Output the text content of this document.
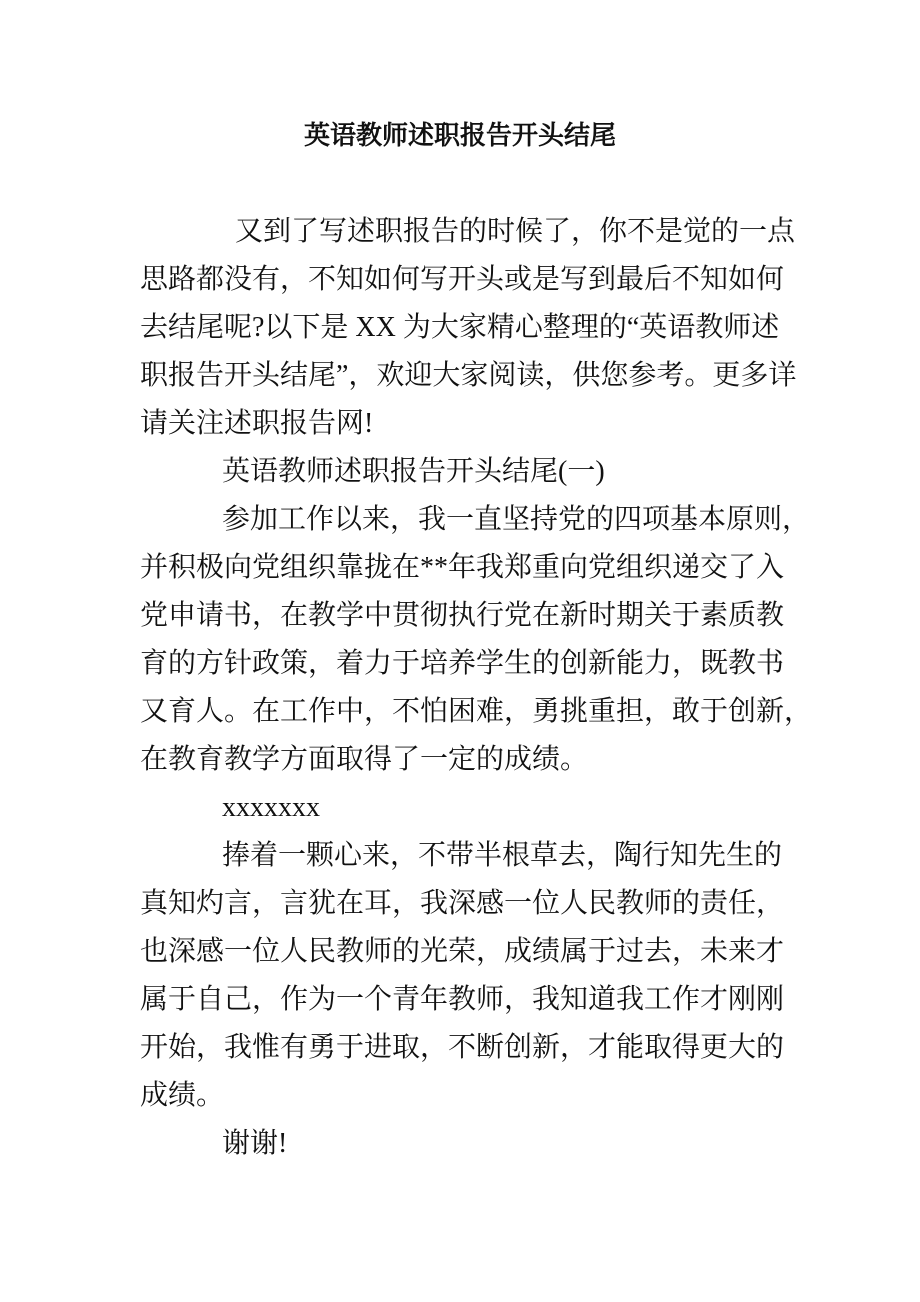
英语教师述职报告开头结尾
又到了写述职报告的时候了，你不是觉的一点
思路都没有，不知如何写开头或是写到最后不知如何
去结尾呢?以下是 XX 为大家精心整理的“英语教师述
职报告开头结尾”，欢迎大家阅读，供您参考。更多详
请关注述职报告网!
英语教师述职报告开头结尾(一)
参加工作以来，我一直坚持党的四项基本原则，
并积极向党组织靠拢在**年我郑重向党组织递交了入
党申请书，在教学中贯彻执行党在新时期关于素质教
育的方针政策，着力于培养学生的创新能力，既教书
又育人。在工作中，不怕困难，勇挑重担，敢于创新，
在教育教学方面取得了一定的成绩。
xxxxxxx
捧着一颗心来，不带半根草去，陶行知先生的
真知灼言，言犹在耳，我深感一位人民教师的责任，
也深感一位人民教师的光荣，成绩属于过去，未来才
属于自己，作为一个青年教师，我知道我工作才刚刚
开始，我惟有勇于进取，不断创新，才能取得更大的
成绩。
谢谢!
